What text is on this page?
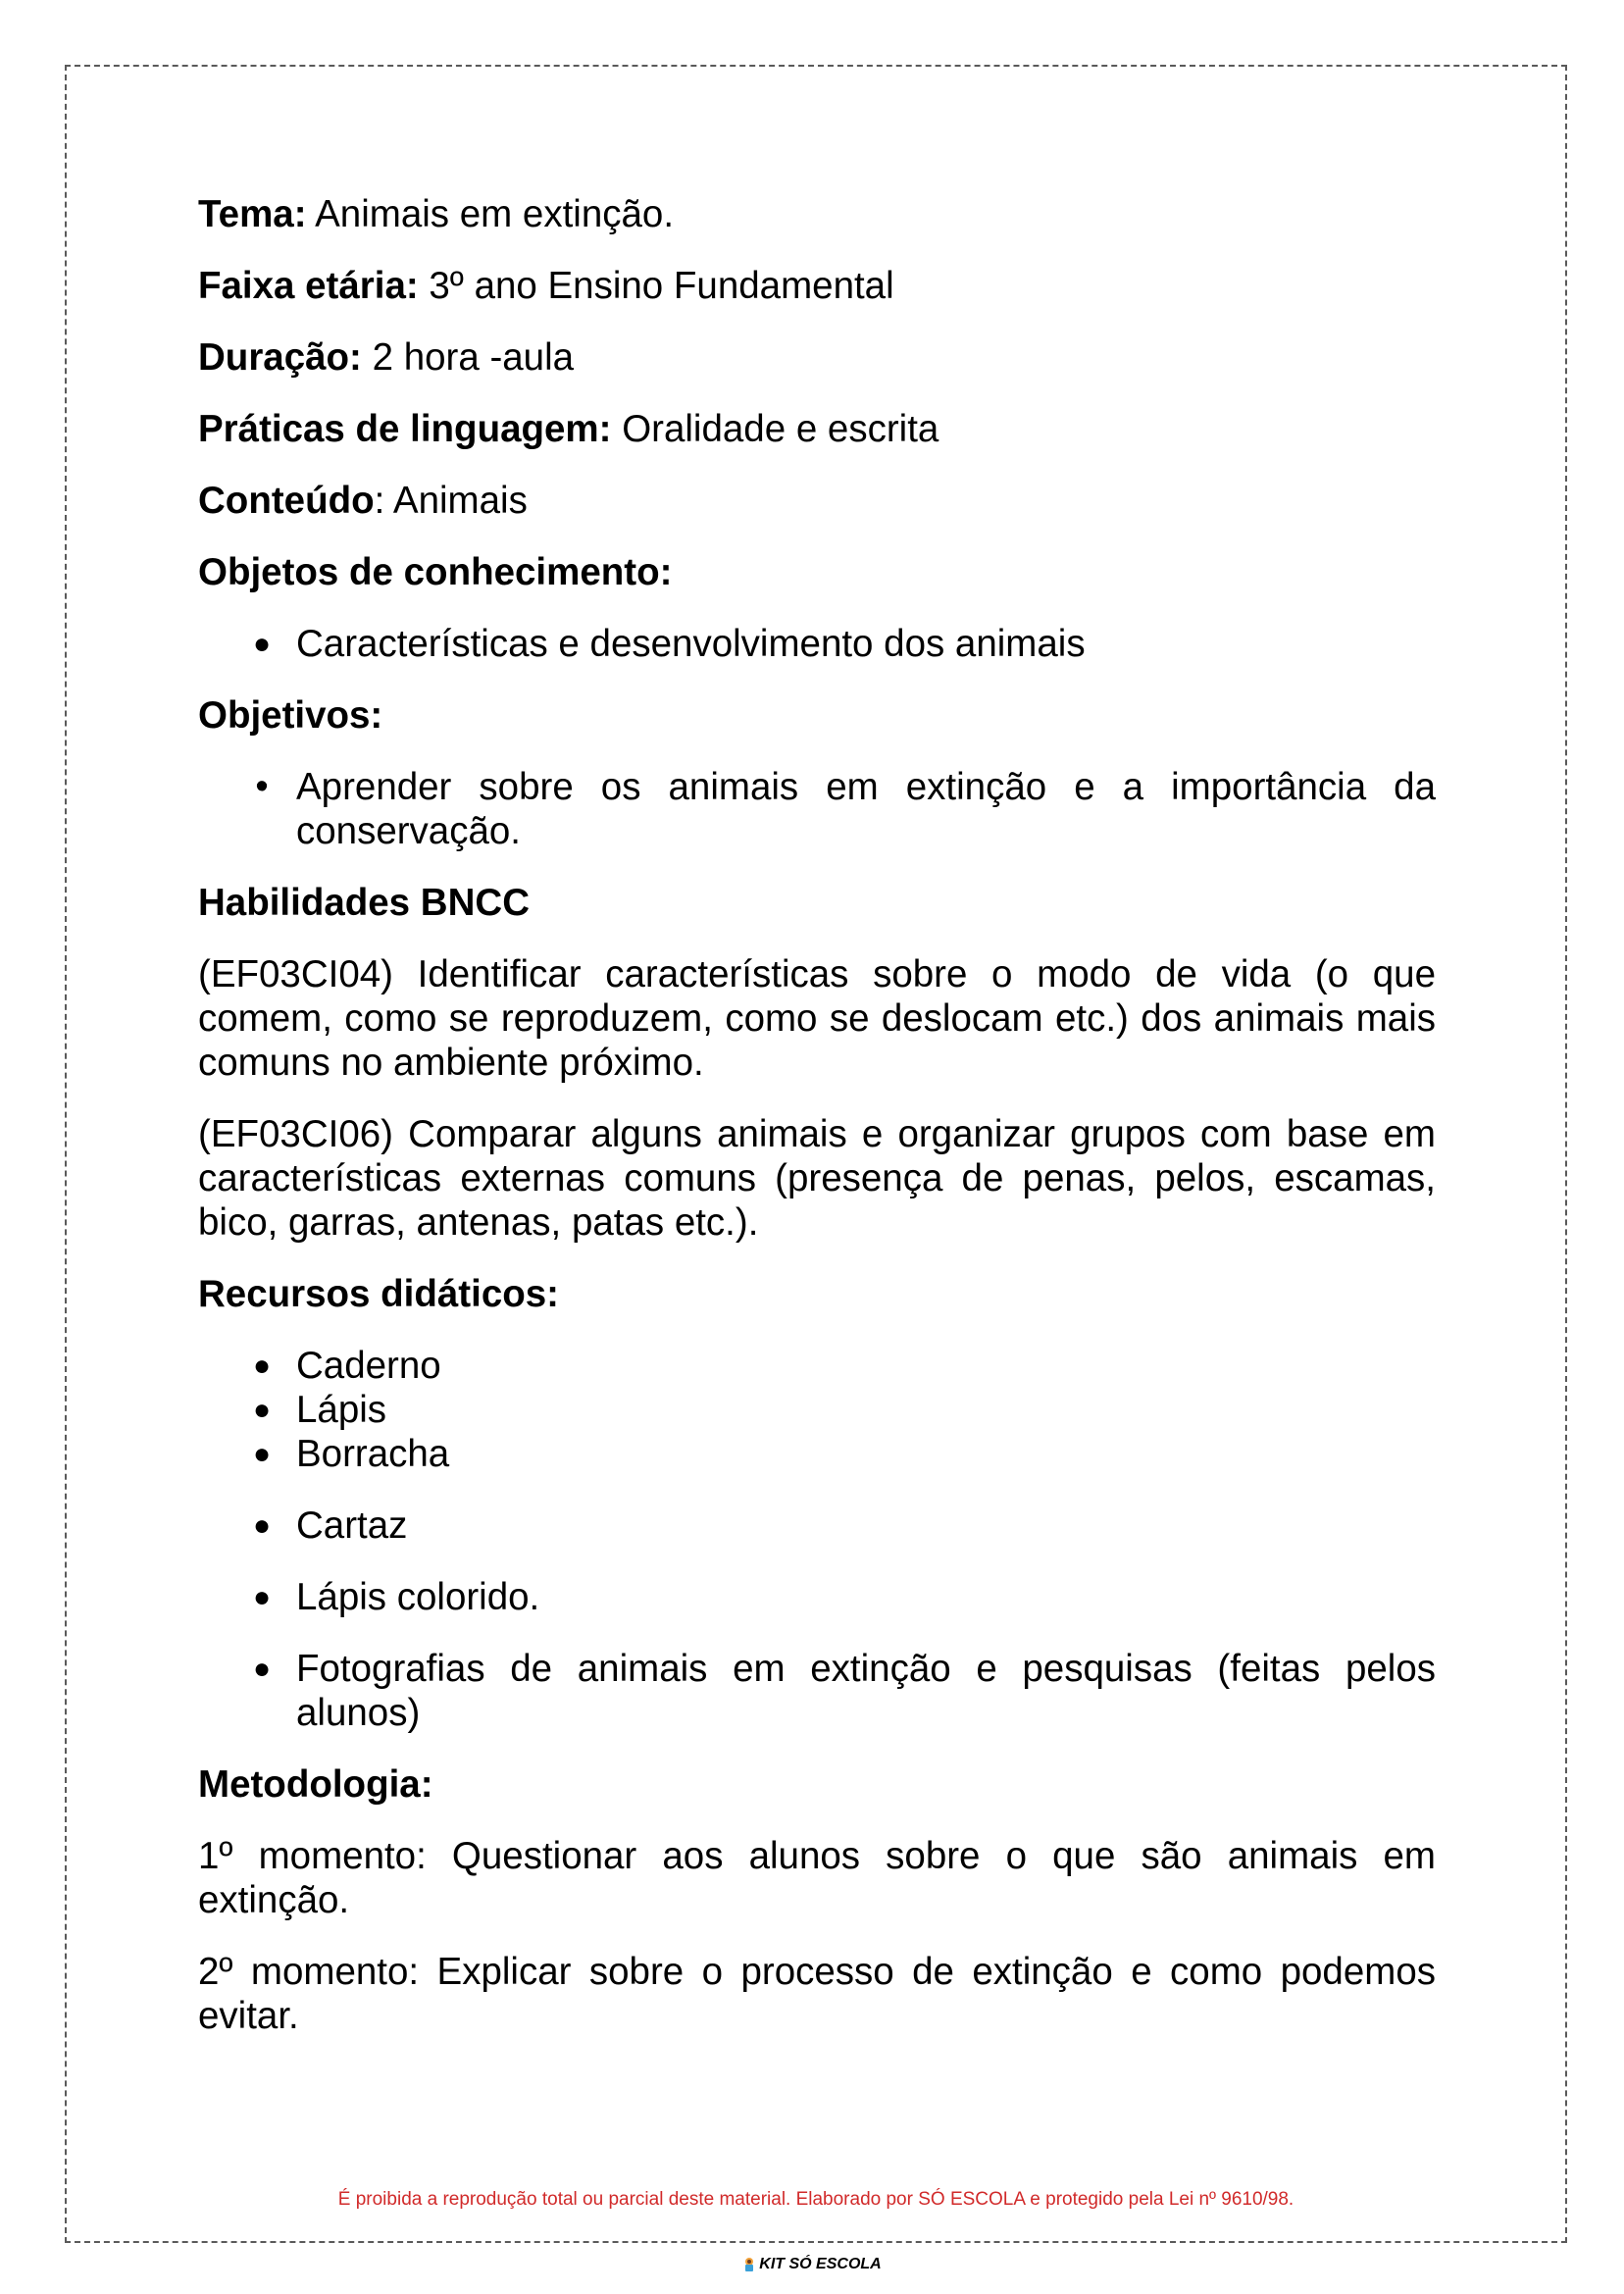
Tema: Animais em extinção.

Faixa etária: 3º ano Ensino Fundamental

Duração: 2 hora -aula

Práticas de linguagem: Oralidade e escrita

Conteúdo: Animais

Objetos de conhecimento:

● Características e desenvolvimento dos animais

Objetivos:

• Aprender sobre os animais em extinção e a importância da conservação.

Habilidades BNCC

(EF03CI04) Identificar características sobre o modo de vida (o que comem, como se reproduzem, como se deslocam etc.) dos animais mais comuns no ambiente próximo.

(EF03CI06) Comparar alguns animais e organizar grupos com base em características externas comuns (presença de penas, pelos, escamas, bico, garras, antenas, patas etc.).

Recursos didáticos:

● Caderno
● Lápis
● Borracha
● Cartaz
● Lápis colorido.
● Fotografias de animais em extinção e pesquisas (feitas pelos alunos)

Metodologia:

1º momento: Questionar aos alunos sobre o que são animais em extinção.

2º momento: Explicar sobre o processo de extinção e como podemos evitar.

É proibida a reprodução total ou parcial deste material. Elaborado por SÓ ESCOLA e protegido pela Lei nº 9610/98.
KIT SÓ ESCOLA
